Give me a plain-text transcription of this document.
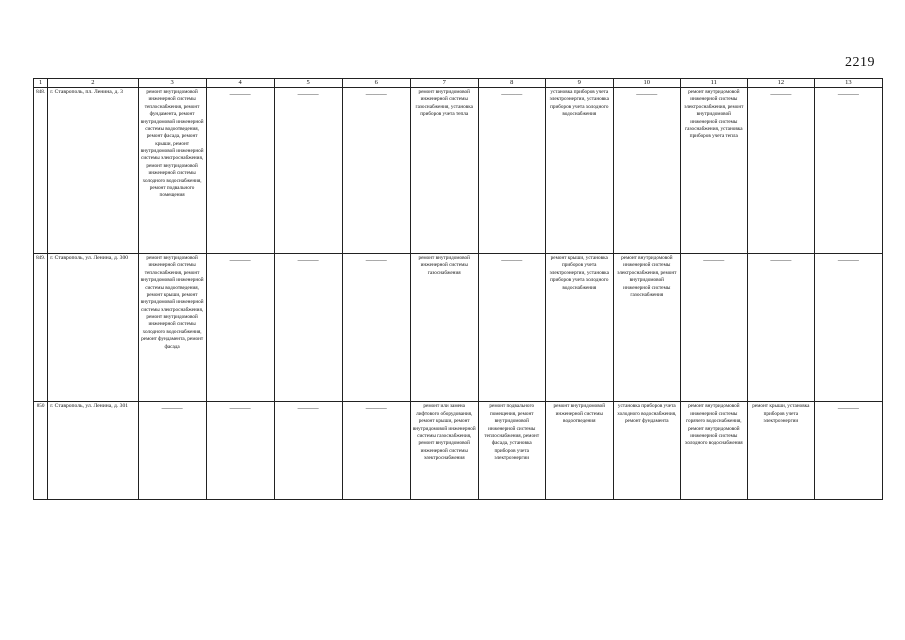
2219
1	2	3	4	5	6	7	8	9	10	11	12	13
848.	г. Ставрополь, пл. Ленина, д. 3	ремонт внутридомовой инженерной системы теплоснабжения, ремонт фундамента, ремонт внутридомовой инженерной системы водоотведения, ремонт фасада, ремонт крыши, ремонт внутридомовой инженерной системы электроснабжения, ремонт внутридомовой инженерной системы холодного водоснабжения, ремонт подвального помещения	———	———	———	ремонт внутридомовой инженерной системы газоснабжения, установка приборов учета тепла	———	установка приборов учета электроэнергии, установка приборов учета холодного водоснабжения	———	ремонт внутридомовой инженерной системы электроснабжения, ремонт внутридомовой инженерной системы газоснабжения, установка приборов учета тепла	———	———
849.	г. Ставрополь, ул. Ленина, д. 300	ремонт внутридомовой инженерной системы теплоснабжения, ремонт внутридомовой инженерной системы водоотведения, ремонт крыши, ремонт внутридомовой инженерной системы электроснабжения, ремонт внутридомовой инженерной системы холодного водоснабжения, ремонт фундамента, ремонт фасада	———	———	———	ремонт внутридомовой инженерной системы газоснабжения	———	ремонт крыши, установка приборов учета электроэнергии, установка приборов учета холодного водоснабжения	ремонт внутридомовой инженерной системы электроснабжения, ремонт внутридомовой инженерной системы газоснабжения	———	———	———
850	г. Ставрополь, ул. Ленина, д. 301	———	———	———	———	ремонт или замена лифтового оборудования, ремонт крыши, ремонт внутридомовой инженерной системы газоснабжения, ремонт внутридомовой инженерной системы электроснабжения	ремонт подвального помещения, ремонт внутридомовой инженерной системы теплоснабжения, ремонт фасада, установка приборов учета электроэнергии	ремонт внутридомовой инженерной системы водоотведения	установка приборов учета холодного водоснабжения, ремонт фундамента	ремонт внутридомовой инженерной системы горячего водоснабжения, ремонт внутридомовой инженерной системы холодного водоснабжения	ремонт крыши, установка приборов учета электроэнергии	———
